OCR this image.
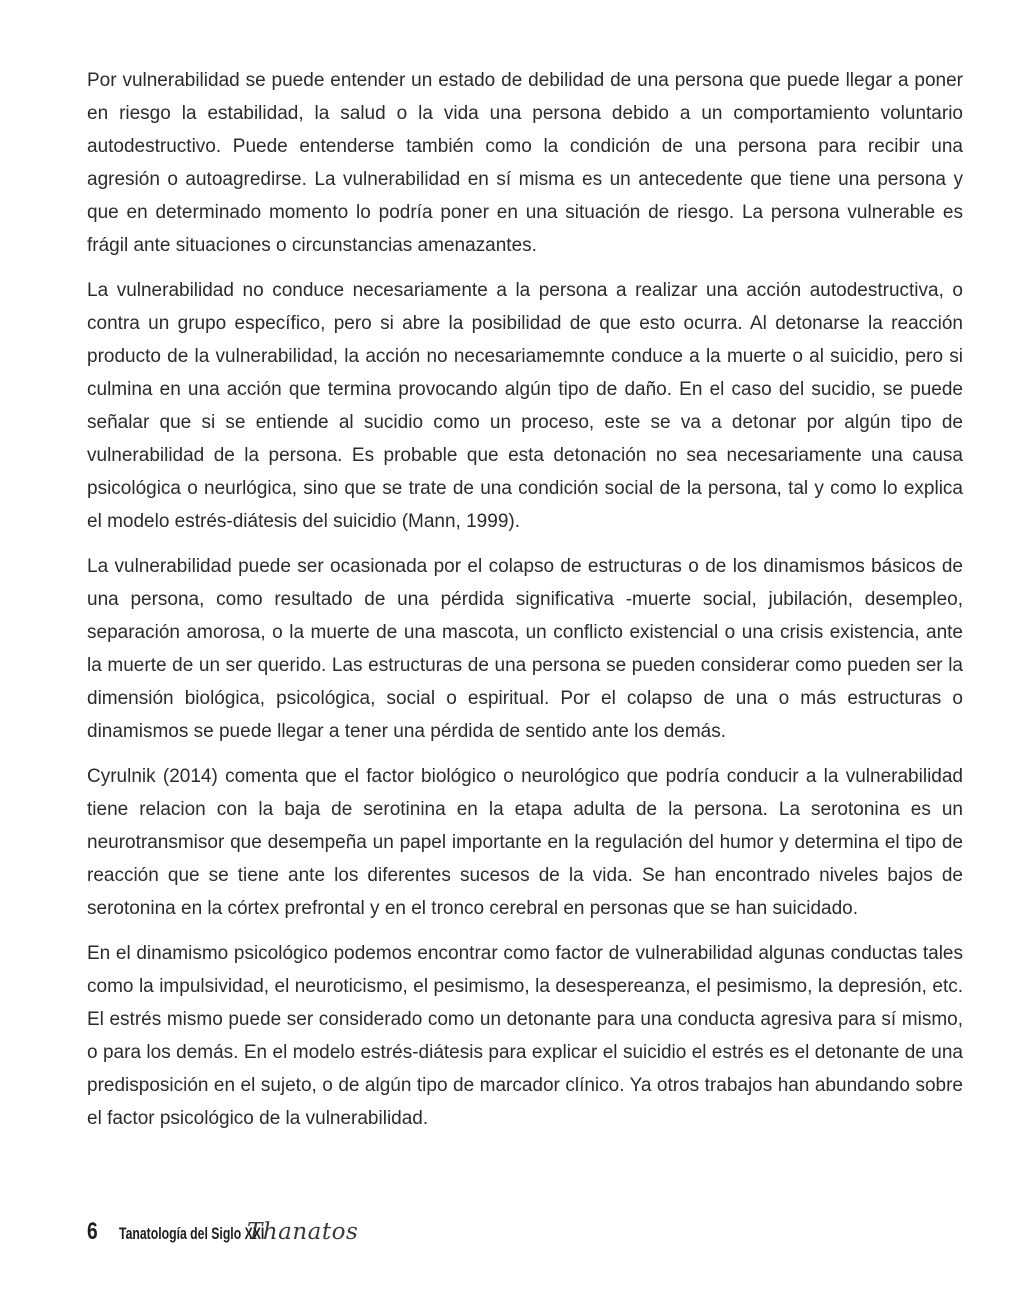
Por vulnerabilidad se puede entender un estado de debilidad de una persona que puede llegar a poner en riesgo la estabilidad, la salud o la vida una persona debido a un comportamiento voluntario autodestructivo. Puede entenderse también como la condición de una persona para recibir una agresión o autoagredirse. La vulnerabilidad en sí misma es un antecedente que tiene una persona y que en determinado momento lo podría poner en una situación de riesgo. La persona vulnerable es frágil ante situaciones o circunstancias amenazantes.

La vulnerabilidad no conduce necesariamente a la persona a realizar una acción autodestructiva, o contra un grupo específico, pero si abre la posibilidad de que esto ocurra. Al detonarse la reacción producto de la vulnerabilidad, la acción no necesariamemnte conduce a la muerte o al suicidio, pero si culmina en una acción que termina provocando algún tipo de daño. En el caso del sucidio, se puede señalar que si se entiende al sucidio como un proceso, este se va a detonar por algún tipo de vulnerabilidad de la persona. Es probable que esta detonación no sea necesariamente una causa psicológica o neurlógica, sino que se trate de una condición social de la persona, tal y como lo explica el modelo estrés-diátesis del suicidio (Mann, 1999).

La vulnerabilidad puede ser ocasionada por el colapso de estructuras o de los dinamismos básicos de una persona, como resultado de una pérdida significativa -muerte social, jubilación, desempleo, separación amorosa, o la muerte de una mascota, un conflicto existencial o una crisis existencia, ante la muerte de un ser querido. Las estructuras de una persona se pueden considerar como pueden ser la dimensión biológica, psicológica, social o espiritual. Por el colapso de una o más estructuras o dinamismos se puede llegar a tener una pérdida de sentido ante los demás.

Cyrulnik (2014) comenta que el factor biológico o neurológico que podría conducir a la vulnerabilidad tiene relacion con la baja de serotinina en la etapa adulta de la persona. La serotonina es un neurotransmisor que desempeña un papel importante en la regulación del humor y determina el tipo de reacción que se tiene ante los diferentes sucesos de la vida. Se han encontrado niveles bajos de serotonina en la córtex prefrontal y en el tronco cerebral en personas que se han suicidado.

En el dinamismo psicológico podemos encontrar como factor de vulnerabilidad algunas conductas tales como la impulsividad, el neuroticismo, el pesimismo, la desespereanza, el pesimismo, la depresión, etc. El estrés mismo puede ser considerado como un detonante para una conducta agresiva para sí mismo, o para los demás. En el modelo estrés-diátesis para explicar el suicidio el estrés es el detonante de una predisposición en el sujeto, o de algún tipo de marcador clínico. Ya otros trabajos han abundando sobre el factor psicológico de la vulnerabilidad.

6	Tanatología del Siglo XXI
Thanatos
